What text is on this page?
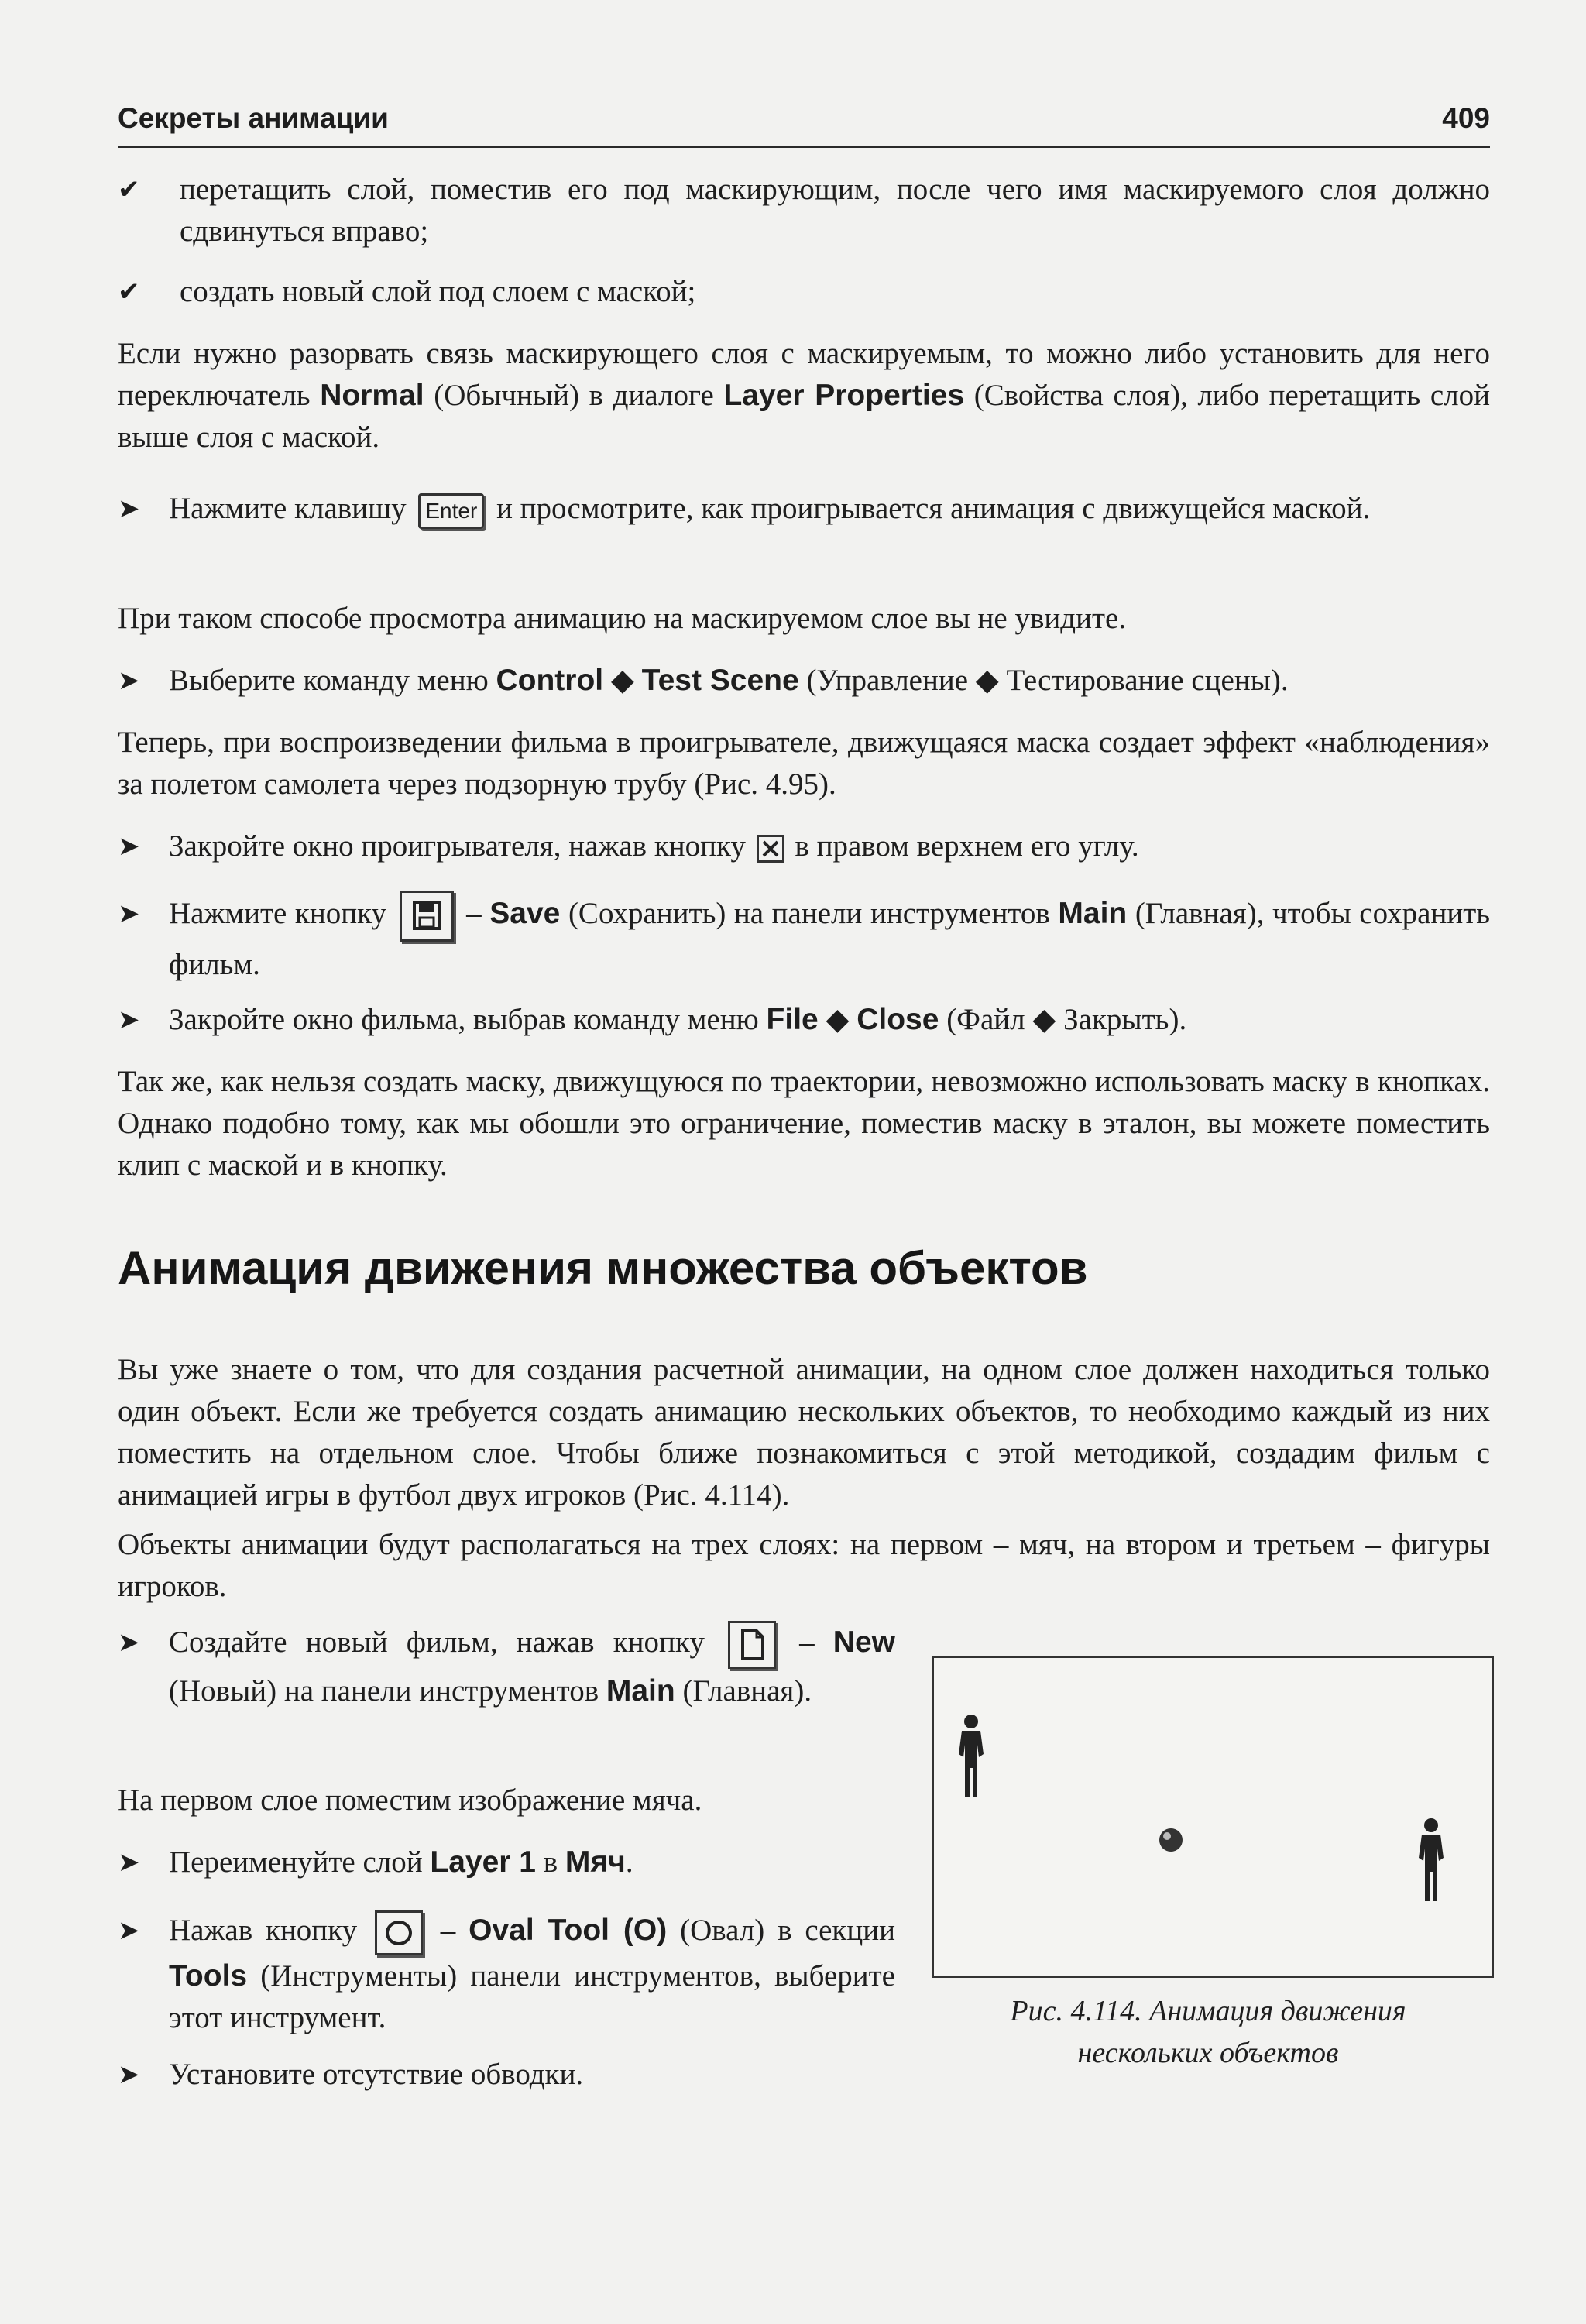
Секреты анимации	409
✔	перетащить слой, поместив его под маскирующим, после чего имя маскируемого слоя должно сдвинуться вправо;
✔	создать новый слой под слоем с маской;
Если нужно разорвать связь маскирующего слоя с маскируемым, то можно либо установить для него переключатель Normal (Обычный) в диалоге Layer Properties (Свойства слоя), либо перетащить слой выше слоя с маской.
➤ Нажмите клавишу Enter и просмотрите, как проигрывается анимация с движущейся маской.
При таком способе просмотра анимацию на маскируемом слое вы не увидите.
➤ Выберите команду меню Control ◆ Test Scene (Управление ◆ Тестирование сцены).
Теперь, при воспроизведении фильма в проигрывателе, движущаяся маска создает эффект «наблюдения» за полетом самолета через подзорную трубу (Рис. 4.95).
➤ Закройте окно проигрывателя, нажав кнопку в правом верхнем его углу.
➤ Нажмите кнопку
– Save (Сохранить) на панели инструментов Main (Главная), чтобы сохранить фильм.
➤ Закройте окно фильма, выбрав команду меню File ◆ Close (Файл ◆ Закрыть).
Так же, как нельзя создать маску, движущуюся по траектории, невозможно использовать маску в кнопках. Однако подобно тому, как мы обошли это ограничение, поместив маску в эталон, вы можете поместить клип с маской и в кнопку.
Анимация движения множества объектов
Вы уже знаете о том, что для создания расчетной анимации, на одном слое должен находиться только один объект. Если же требуется создать анимацию нескольких объектов, то необходимо каждый из них поместить на отдельном слое. Чтобы ближе познакомиться с этой методикой, создадим фильм с анимацией игры в футбол двух игроков (Рис. 4.114).
Объекты анимации будут располагаться на трех слоях: на первом – мяч, на втором и третьем – фигуры игроков.
➤ Создайте новый фильм, нажав кнопку	– New (Новый) на панели инструментов Main (Главная).
На первом слое поместим изображение мяча.
➤ Переименуйте слой Layer 1 в Мяч.
➤ Нажав кнопку
– Oval Tool (O) (Овал) в секции Tools (Инструменты) панели инструментов, выберите этот инструмент.
➤ Установите отсутствие обводки.
Рис. 4.114. Анимация движения
нескольких объектов
